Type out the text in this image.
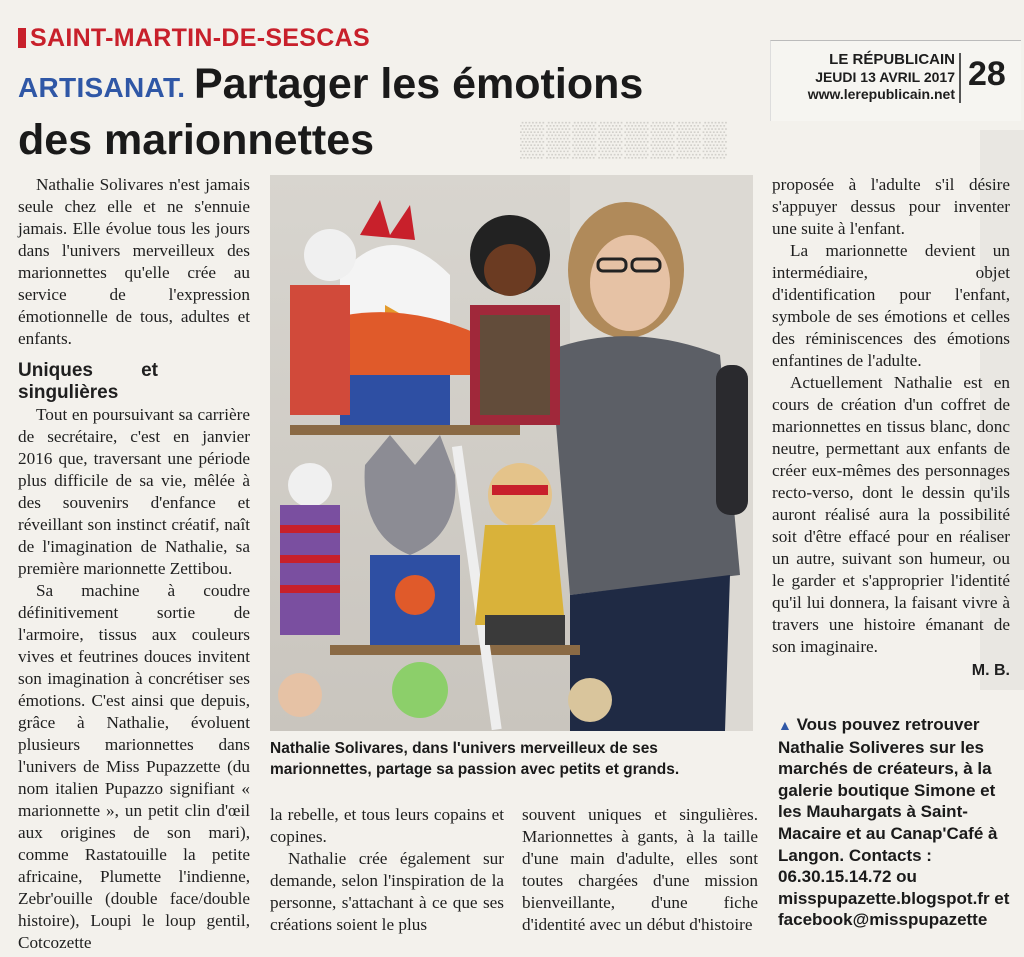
▒▒▒▒▒▒▒▒
SAINT-MARTIN-DE-SESCAS
LE RÉPUBLICAIN
JEUDI 13 AVRIL 2017
www.lerepublicain.net
28
ARTISANAT. Partager les émotions
des marionnettes

Nathalie Solivares n'est jamais seule chez elle et ne s'ennuie jamais. Elle évolue tous les jours dans l'univers merveilleux des marionnettes qu'elle crée au service de l'expression émotionnelle de tous, adultes et enfants.

Uniques et singulières

Tout en poursuivant sa carrière de secrétaire, c'est en janvier 2016 que, traversant une période plus difficile de sa vie, mêlée à des souvenirs d'enfance et réveillant son instinct créatif, naît de l'imagination de Nathalie, sa première marionnette Zettibou.

Sa machine à coudre définitivement sortie de l'armoire, tissus aux couleurs vives et feutrines douces invitent son imagination à concrétiser ses émotions. C'est ainsi que depuis, grâce à Nathalie, évoluent plusieurs marionnettes dans l'univers de Miss Pupazzette (du nom italien Pupazzo signifiant « marionnette », un petit clin d'œil aux origines de son mari), comme Rastatouille la petite africaine, Plumette l'indienne, Zebr'ouille (double face/double histoire), Loupi le loup gentil, Cotcozette

Nathalie Solivares, dans l'univers merveilleux de ses marionnettes, partage sa passion avec petits et grands.

la rebelle, et tous leurs copains et copines.

Nathalie crée également sur demande, selon l'inspiration de la personne, s'attachant à ce que ses créations soient le plus

souvent uniques et singulières. Marionnettes à gants, à la taille d'une main d'adulte, elles sont toutes chargées d'une mission bienveillante, d'une fiche d'identité avec un début d'histoire

proposée à l'adulte s'il désire s'appuyer dessus pour inventer une suite à l'enfant.

La marionnette devient un intermédiaire, objet d'identification pour l'enfant, symbole de ses émotions et celles des réminiscences des émotions enfantines de l'adulte.

Actuellement Nathalie est en cours de création d'un coffret de marionnettes en tissus blanc, donc neutre, permettant aux enfants de créer eux-mêmes des personnages recto-verso, dont le dessin qu'ils auront réalisé aura la possibilité soit d'être effacé pour en réaliser un autre, suivant son humeur, ou le garder et s'approprier l'identité qu'il lui donnera, la faisant vivre à travers une histoire émanant de son imaginaire.

M. B.
▲ Vous pouvez retrouver Nathalie Soliveres sur les marchés de créateurs, à la galerie boutique Simone et les Mauhargats à Saint-Macaire et au Canap'Café à Langon. Contacts : 06.30.15.14.72 ou misspupazette.blogspot.fr et facebook@misspupazette
